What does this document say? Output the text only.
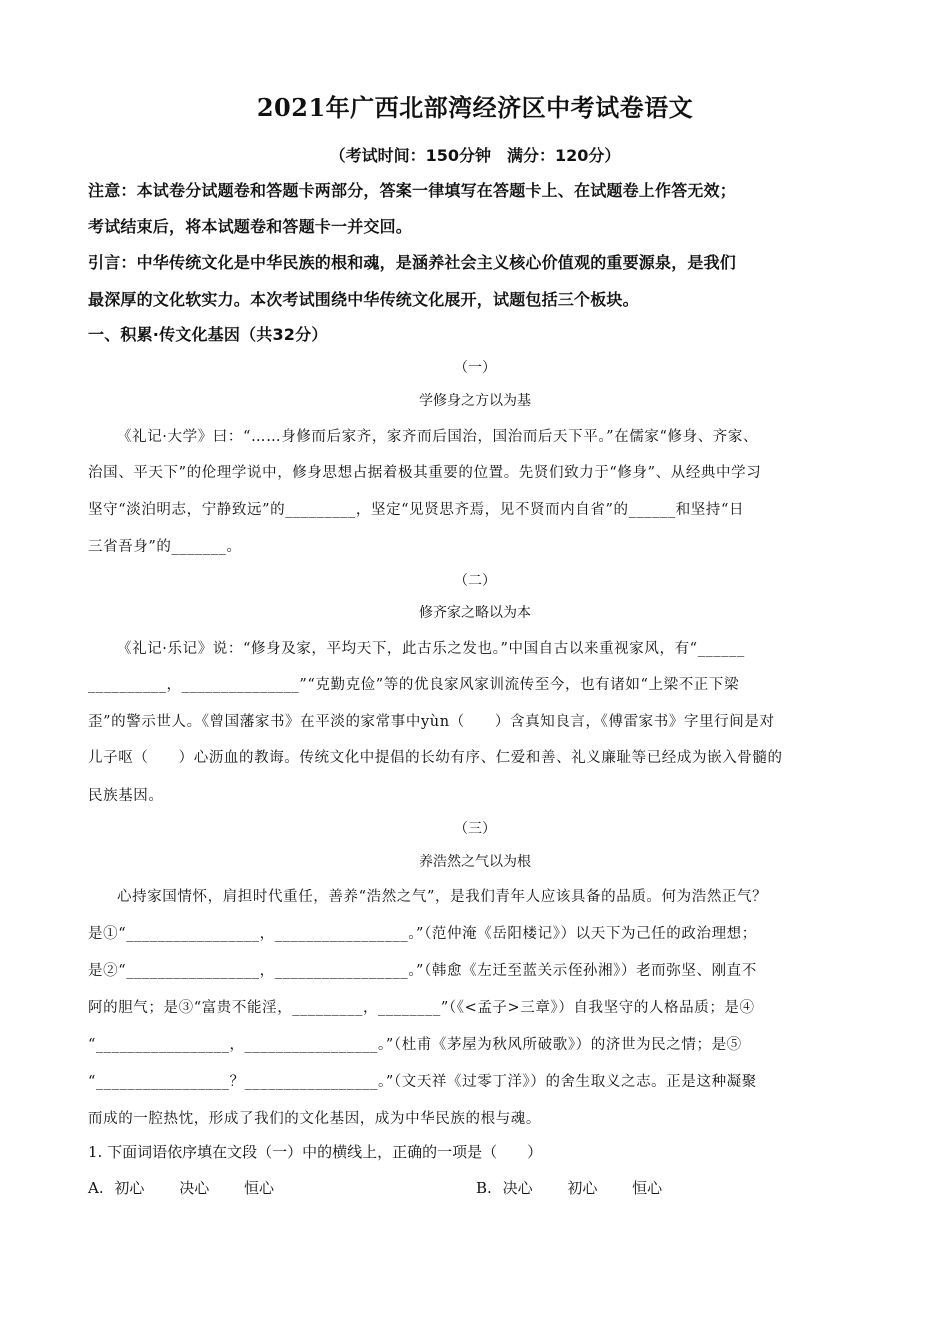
2021年广西北部湾经济区中考试卷语文
（考试时间：150分钟　满分：120分）
注意：本试卷分试题卷和答题卡两部分，答案一律填写在答题卡上、在试题卷上作答无效；
考试结束后，将本试题卷和答题卡一并交回。
引言：中华传统文化是中华民族的根和魂，是涵养社会主义核心价值观的重要源泉，是我们
最深厚的文化软实力。本次考试围绕中华传统文化展开，试题包括三个板块。
一、积累·传文化基因（共32分）
（一）
学修身之方以为基
《礼记·大学》曰：“……身修而后家齐，家齐而后国治，国治而后天下平。”在儒家“修身、齐家、
治国、平天下”的伦理学说中，修身思想占据着极其重要的位置。先贤们致力于“修身”、从经典中学习
坚守“淡泊明志，宁静致远”的_________，坚定“见贤思齐焉，见不贤而内自省”的______和坚持“日
三省吾身”的_______。
（二）
修齐家之略以为本
《礼记·乐记》说：“修身及家，平均天下，此古乐之发也。”中国自古以来重视家风，有“______
__________，_______________”“克勤克俭”等的优良家风家训流传至今，也有诸如“上梁不正下梁
歪”的警示世人。《曾国藩家书》在平淡的家常事中yùn（　　）含真知良言，《傅雷家书》字里行间是对
儿子呕（　　）心沥血的教诲。传统文化中提倡的长幼有序、仁爱和善、礼义廉耻等已经成为嵌入骨髓的
民族基因。
（三）
养浩然之气以为根
心持家国情怀，肩担时代重任，善养“浩然之气”，是我们青年人应该具备的品质。何为浩然正气？
是①“_________________，_________________。”（范仲淹《岳阳楼记》）以天下为己任的政治理想；
是②“_________________，_________________。”（韩愈《左迁至蓝关示侄孙湘》）老而弥坚、刚直不
阿的胆气；是③“富贵不能淫，_________，________”（《<孟子>三章》）自我坚守的人格品质；是④
“_________________，_________________。”（杜甫《茅屋为秋风所破歌》）的济世为民之情；是⑤
“_________________？_________________。”（文天祥《过零丁洋》）的舍生取义之志。正是这种凝聚
而成的一腔热忱，形成了我们的文化基因，成为中华民族的根与魂。
1. 下面词语依序填在文段（一）中的横线上，正确的一项是（　　）
A. 初心 决心 恒心	B. 决心 初心 恒心
